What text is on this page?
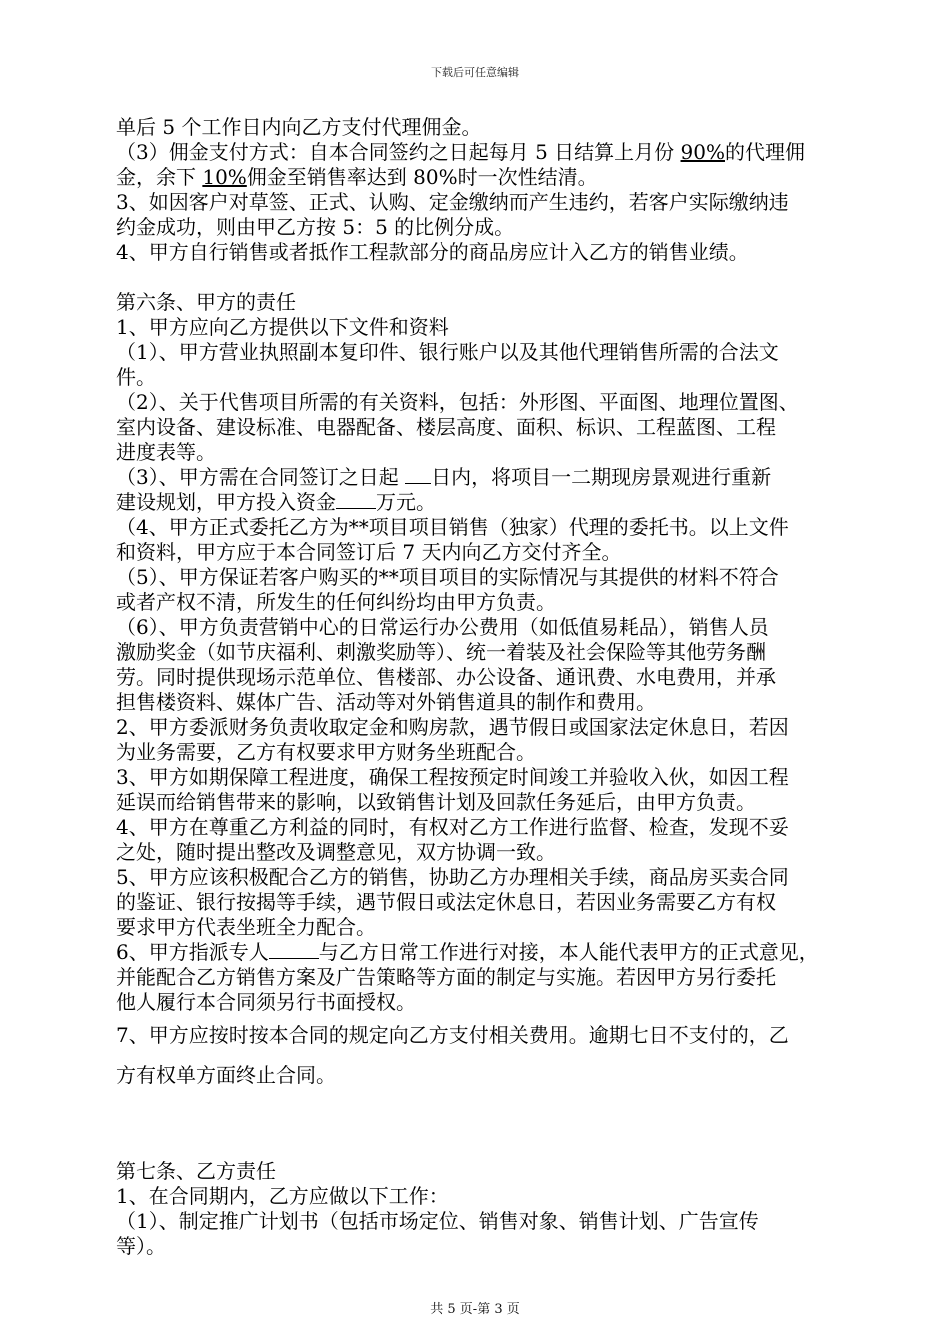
下载后可任意编辑
单后 5 个工作日内向乙方支付代理佣金。
（3）佣金支付方式：自本合同签约之日起每月 5 日结算上月份 90%的代理佣
金，余下 10%佣金至销售率达到 80%时一次性结清。
3、如因客户对草签、正式、认购、定金缴纳而产生违约，若客户实际缴纳违
约金成功，则由甲乙方按 5：5 的比例分成。
4、甲方自行销售或者抵作工程款部分的商品房应计入乙方的销售业绩。
第六条、甲方的责任
1、甲方应向乙方提供以下文件和资料
（1）、甲方营业执照副本复印件、银行账户以及其他代理销售所需的合法文
件。
（2）、关于代售项目所需的有关资料，包括：外形图、平面图、地理位置图、
室内设备、建设标准、电器配备、楼层高度、面积、标识、工程蓝图、工程
进度表等。
（3）、甲方需在合同签订之日起 日内，将项目一二期现房景观进行重新
建设规划，甲方投入资金 万元。
（4、甲方正式委托乙方为**项目项目销售（独家）代理的委托书。以上文件
和资料，甲方应于本合同签订后 7 天内向乙方交付齐全。
（5）、甲方保证若客户购买的**项目项目的实际情况与其提供的材料不符合
或者产权不清，所发生的任何纠纷均由甲方负责。
（6）、甲方负责营销中心的日常运行办公费用（如低值易耗品），销售人员
激励奖金（如节庆福利、刺激奖励等）、统一着装及社会保险等其他劳务酬
劳。同时提供现场示范单位、售楼部、办公设备、通讯费、水电费用，并承
担售楼资料、媒体广告、活动等对外销售道具的制作和费用。
2、甲方委派财务负责收取定金和购房款，遇节假日或国家法定休息日，若因
为业务需要，乙方有权要求甲方财务坐班配合。
3、甲方如期保障工程进度，确保工程按预定时间竣工并验收入伙，如因工程
延误而给销售带来的影响，以致销售计划及回款任务延后，由甲方负责。
4、甲方在尊重乙方利益的同时，有权对乙方工作进行监督、检查，发现不妥
之处，随时提出整改及调整意见，双方协调一致。
5、甲方应该积极配合乙方的销售，协助乙方办理相关手续，商品房买卖合同
的鉴证、银行按揭等手续，遇节假日或法定休息日，若因业务需要乙方有权
要求甲方代表坐班全力配合。
6、甲方指派专人	与乙方日常工作进行对接，本人能代表甲方的正式意见，
并能配合乙方销售方案及广告策略等方面的制定与实施。若因甲方另行委托
他人履行本合同须另行书面授权。
7、甲方应按时按本合同的规定向乙方支付相关费用。逾期七日不支付的，乙
方有权单方面终止合同。
第七条、乙方责任
1、在合同期内，乙方应做以下工作：
（1）、制定推广计划书（包括市场定位、销售对象、销售计划、广告宣传
等）。
共 5 页-第 3 页
